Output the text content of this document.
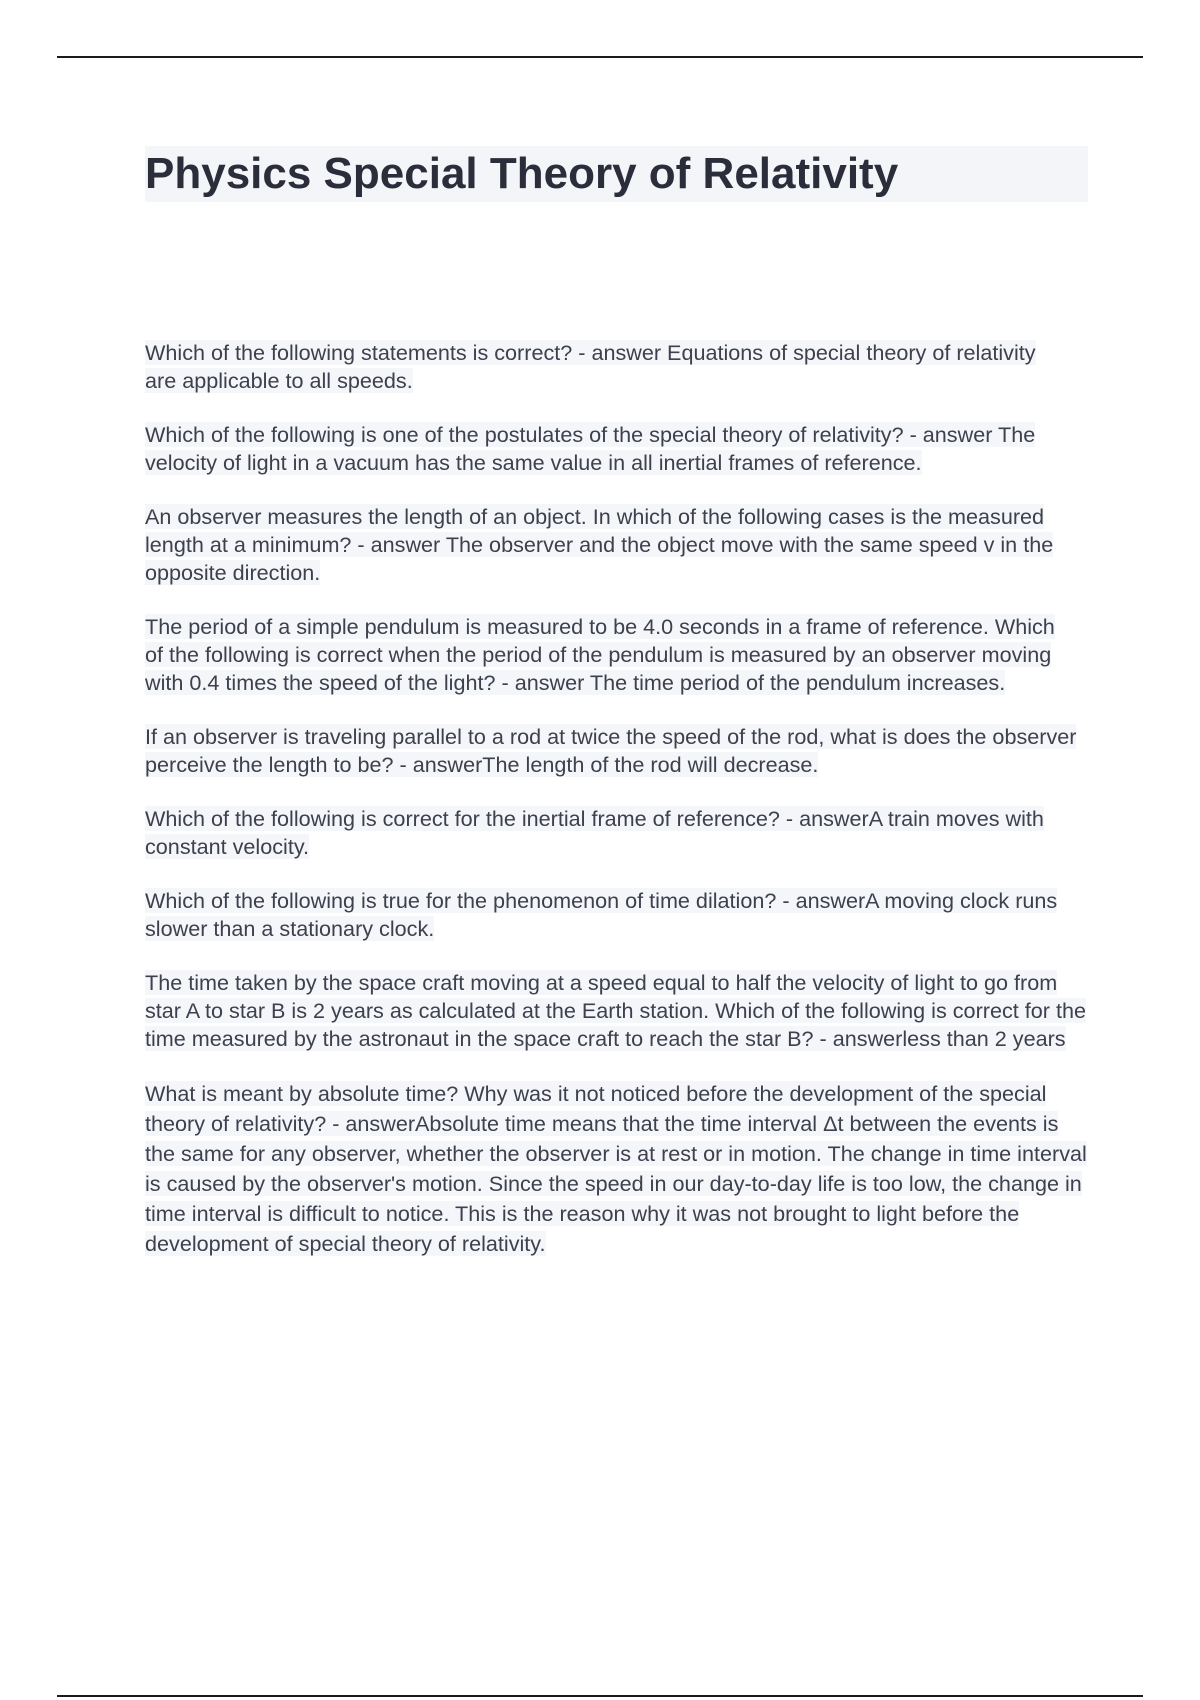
Physics Special Theory of Relativity

Which of the following statements is correct? - answer Equations of special theory of relativity are applicable to all speeds.

Which of the following is one of the postulates of the special theory of relativity? - answer The velocity of light in a vacuum has the same value in all inertial frames of reference.

An observer measures the length of an object. In which of the following cases is the measured length at a minimum? - answer The observer and the object move with the same speed v in the opposite direction.

The period of a simple pendulum is measured to be 4.0 seconds in a frame of reference. Which of the following is correct when the period of the pendulum is measured by an observer moving with 0.4 times the speed of the light? - answer The time period of the pendulum increases.

If an observer is traveling parallel to a rod at twice the speed of the rod, what is does the observer perceive the length to be? - answerThe length of the rod will decrease.

Which of the following is correct for the inertial frame of reference? - answerA train moves with constant velocity.

Which of the following is true for the phenomenon of time dilation? - answerA moving clock runs slower than a stationary clock.

The time taken by the space craft moving at a speed equal to half the velocity of light to go from star A to star B is 2 years as calculated at the Earth station. Which of the following is correct for the time measured by the astronaut in the space craft to reach the star B? - answerless than 2 years

What is meant by absolute time? Why was it not noticed before the development of the special theory of relativity? - answerAbsolute time means that the time interval Δt between the events is the same for any observer, whether the observer is at rest or in motion. The change in time interval is caused by the observer's motion. Since the speed in our day-to-day life is too low, the change in time interval is difficult to notice. This is the reason why it was not brought to light before the development of special theory of relativity.
